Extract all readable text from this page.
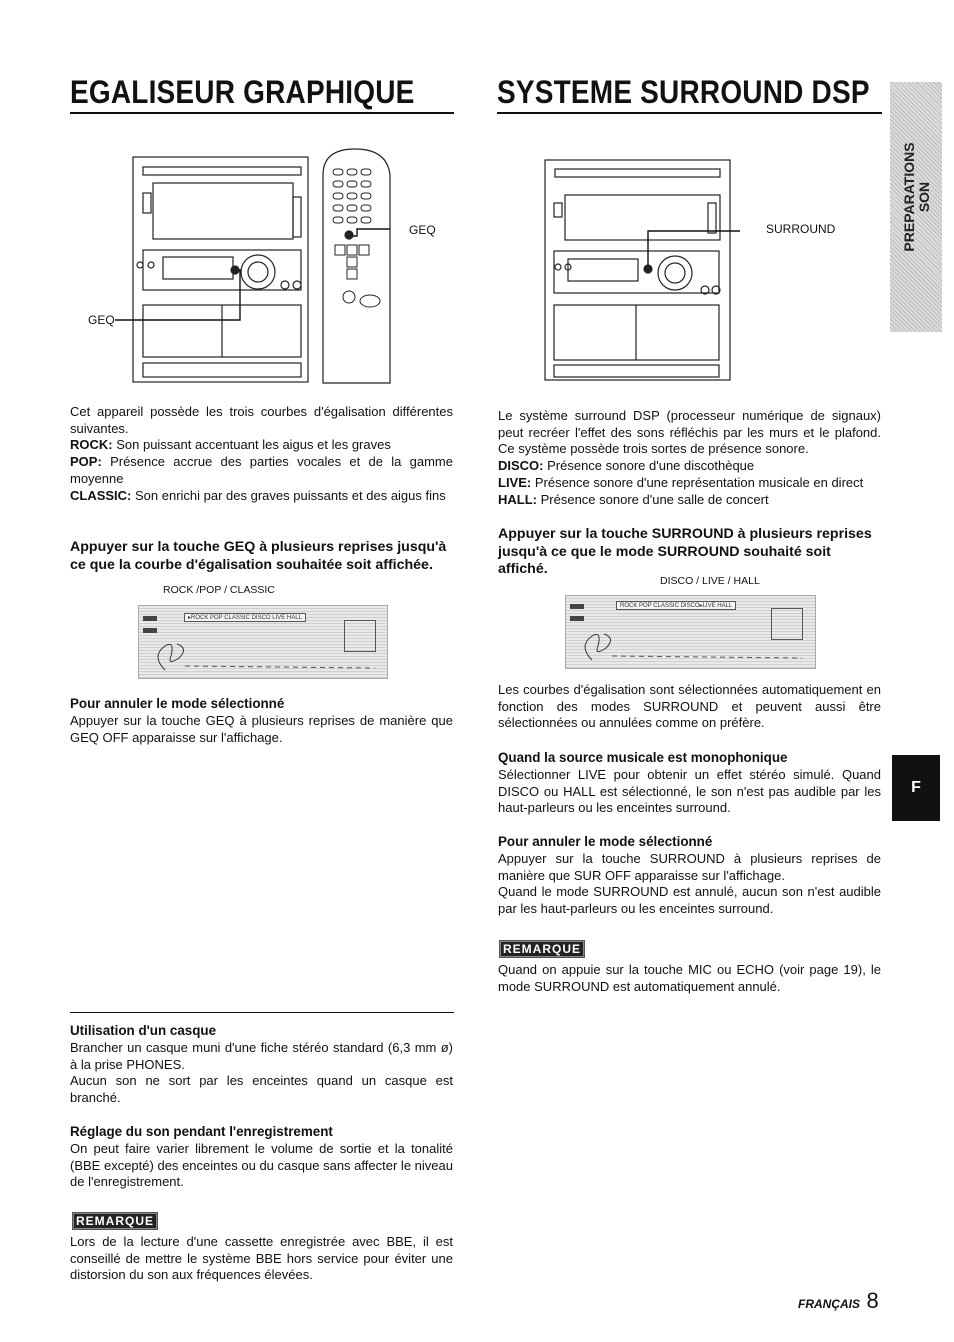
EGALISEUR GRAPHIQUE
GEQ
GEQ

Cet appareil possède les trois courbes d'égalisation différentes suivantes.

ROCK: Son puissant accentuant les aigus et les graves

POP: Présence accrue des parties vocales et de la gamme moyenne

CLASSIC: Son enrichi par des graves puissants et des aigus fins

Appuyer sur la touche GEQ à plusieurs reprises jusqu'à ce que la courbe d'égalisation souhaitée soit affichée.
ROCK /POP / CLASSIC
▸ROCK POP CLASSIC DISCO LIVE HALL
Pour annuler le mode sélectionné
Appuyer sur la touche GEQ à plusieurs reprises de manière que GEQ OFF apparaisse sur l'affichage.
Utilisation d'un casque

Brancher un casque muni d'une fiche stéréo standard (6,3 mm ø) à la prise PHONES.

Aucun son ne sort par les enceintes quand un casque est branché.

Réglage du son pendant l'enregistrement
On peut faire varier librement le volume de sortie et la tonalité (BBE excepté) des enceintes ou du casque sans affecter le niveau de l'enregistrement.
REMARQUE
Lors de la lecture d'une cassette enregistrée avec BBE, il est conseillé de mettre le système BBE hors service pour éviter une distorsion du son aux fréquences élevées.
SYSTEME SURROUND DSP
SURROUND

Le système surround DSP (processeur numérique de signaux) peut recréer l'effet des sons réfléchis par les murs et le plafond. Ce système possède trois sortes de présence sonore.

DISCO: Présence sonore d'une discothèque

LIVE: Présence sonore d'une représentation musicale en direct

HALL: Présence sonore d'une salle de concert

Appuyer sur la touche SURROUND à plusieurs reprises jusqu'à ce que le mode SURROUND souhaité soit affiché.
DISCO / LIVE / HALL
ROCK POP CLASSIC DISCO▸LIVE HALL
Les courbes d'égalisation sont sélectionnées automatiquement en fonction des modes SURROUND et peuvent aussi être sélectionnées ou annulées comme on préfère.
Quand la source musicale est monophonique
Sélectionner LIVE pour obtenir un effet stéréo simulé. Quand DISCO ou HALL est sélectionné, le son n'est pas audible par les haut-parleurs ou les enceintes surround.
Pour annuler le mode sélectionné

Appuyer sur la touche SURROUND à plusieurs reprises de manière que SUR OFF apparaisse sur l'affichage.

Quand le mode SURROUND est annulé, aucun son n'est audible par les haut-parleurs ou les enceintes surround.

REMARQUE
Quand on appuie sur la touche MIC ou ECHO (voir page 19), le mode SURROUND est automatiquement annulé.
PREPARATIONS SON
F
FRANÇAIS 8
